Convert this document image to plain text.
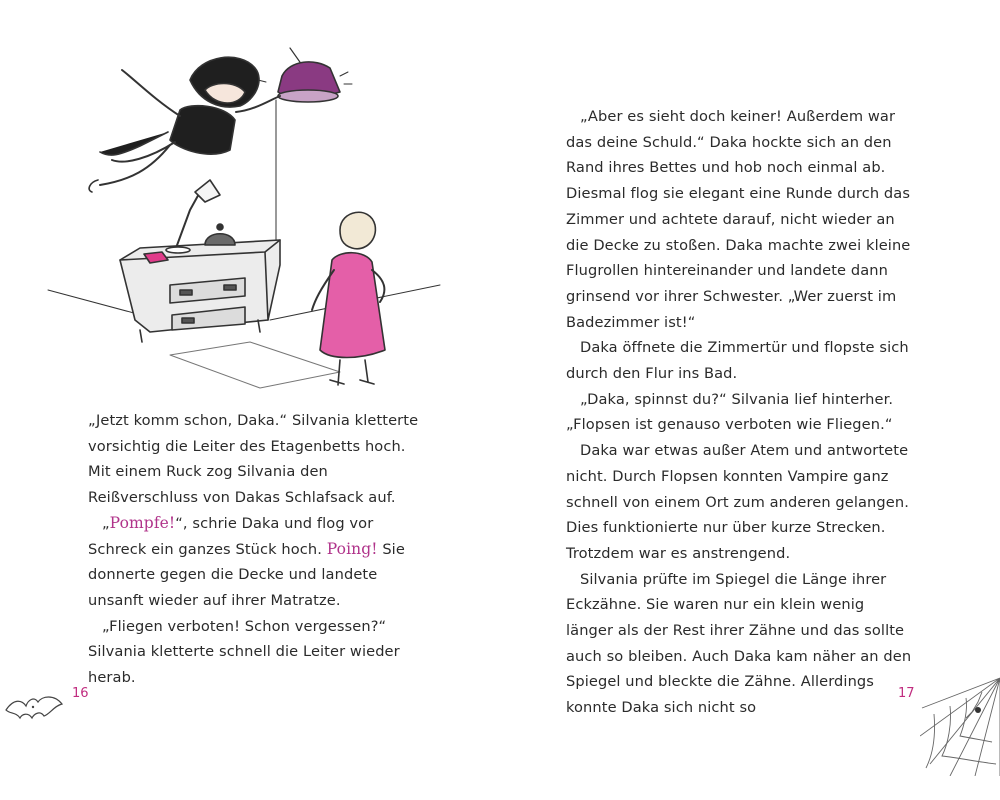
„Jetzt komm schon, Daka.“ Silvania kletterte vorsichtig die Leiter des Etagenbetts hoch. Mit einem Ruck zog Silvania den Reißverschluss von Dakas Schlafsack auf.

„Pompfe!“, schrie Daka und flog vor Schreck ein ganzes Stück hoch. Poing! Sie donnerte gegen die Decke und landete unsanft wieder auf ihrer Matratze.

„Fliegen verboten! Schon vergessen?“ Silvania kletterte schnell die Leiter wieder herab.

16

„Aber es sieht doch keiner! Außerdem war das deine Schuld.“ Daka hockte sich an den Rand ihres Bettes und hob noch einmal ab. Diesmal flog sie elegant eine Runde durch das Zimmer und achtete darauf, nicht wieder an die Decke zu stoßen. Daka machte zwei kleine Flugrollen hintereinander und landete dann grinsend vor ihrer Schwester. „Wer zuerst im Badezimmer ist!“

Daka öffnete die Zimmertür und flopste sich durch den Flur ins Bad.

„Daka, spinnst du?“ Silvania lief hinterher. „Flopsen ist genauso verboten wie Fliegen.“

Daka war etwas außer Atem und antwortete nicht. Durch Flopsen konnten Vampire ganz schnell von einem Ort zum anderen gelangen. Dies funktionierte nur über kurze Strecken. Trotzdem war es anstrengend.

Silvania prüfte im Spiegel die Länge ihrer Eckzähne. Sie waren nur ein klein wenig länger als der Rest ihrer Zähne und das sollte auch so bleiben. Auch Daka kam näher an den Spiegel und bleckte die Zähne. Allerdings konnte Daka sich nicht so

17
